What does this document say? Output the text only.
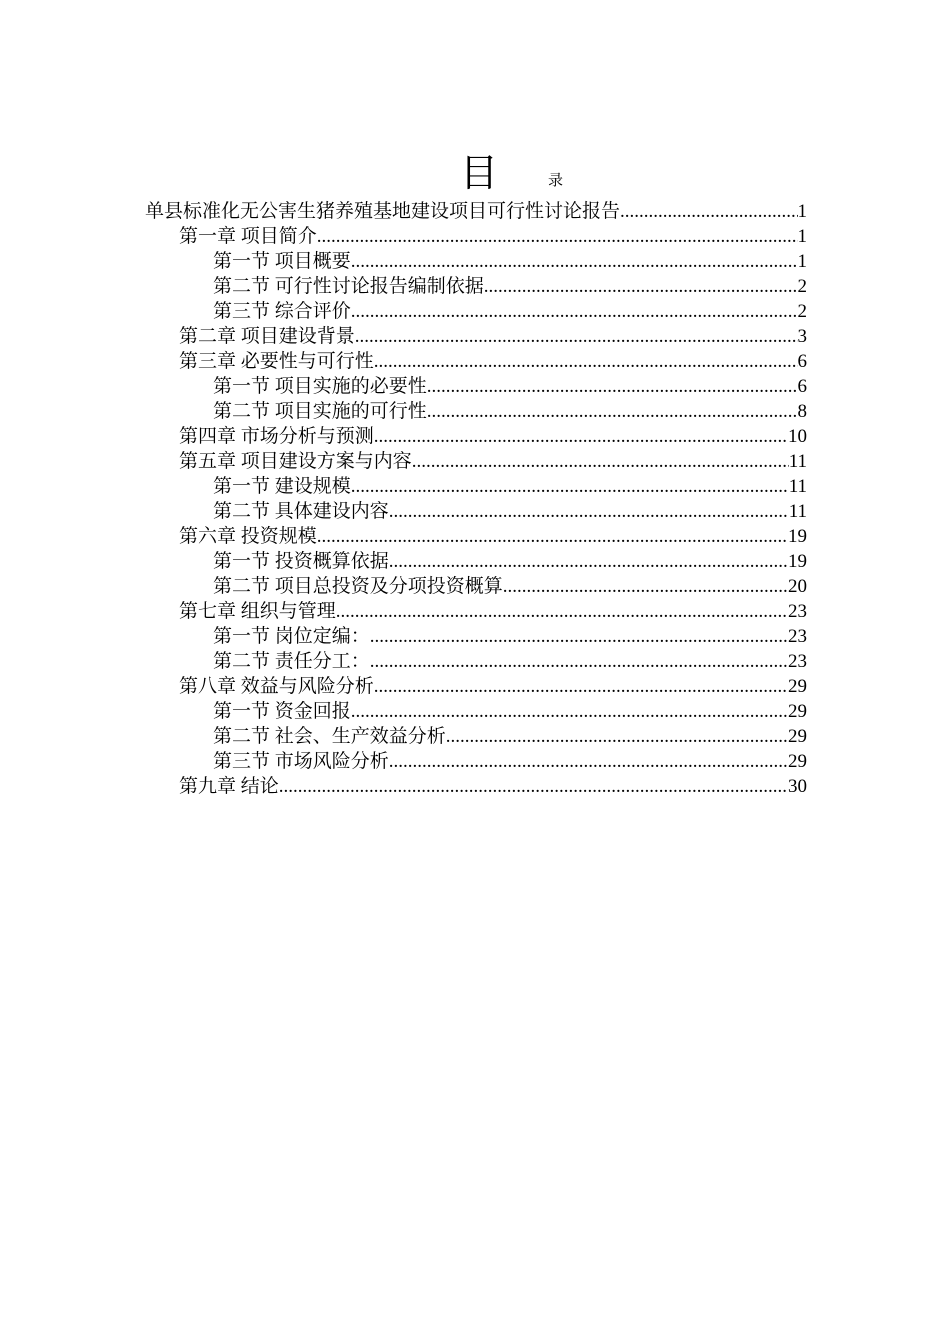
目	录
单县标准化无公害生猪养殖基地建设项目可行性讨论报告 .....	1
第一章 项目简介 .....	1
第一节 项目概要 .....	1
第二节 可行性讨论报告编制依据 .....	2
第三节 综合评价 .....	2
第二章 项目建设背景 .....	3
第三章 必要性与可行性 .....	6
第一节 项目实施的必要性 .....	6
第二节 项目实施的可行性 .....	8
第四章 市场分析与预测 .....	10
第五章 项目建设方案与内容 .....	11
第一节 建设规模 .....	11
第二节 具体建设内容 .....	11
第六章 投资规模 .....	19
第一节 投资概算依据 .....	19
第二节 项目总投资及分项投资概算 .....	20
第七章 组织与管理 .....	23
第一节 岗位定编： .....	23
第二节 责任分工： .....	23
第八章 效益与风险分析 .....	29
第一节 资金回报 .....	29
第二节 社会、生产效益分析 .....	29
第三节 市场风险分析 .....	29
第九章 结论 .....	30
